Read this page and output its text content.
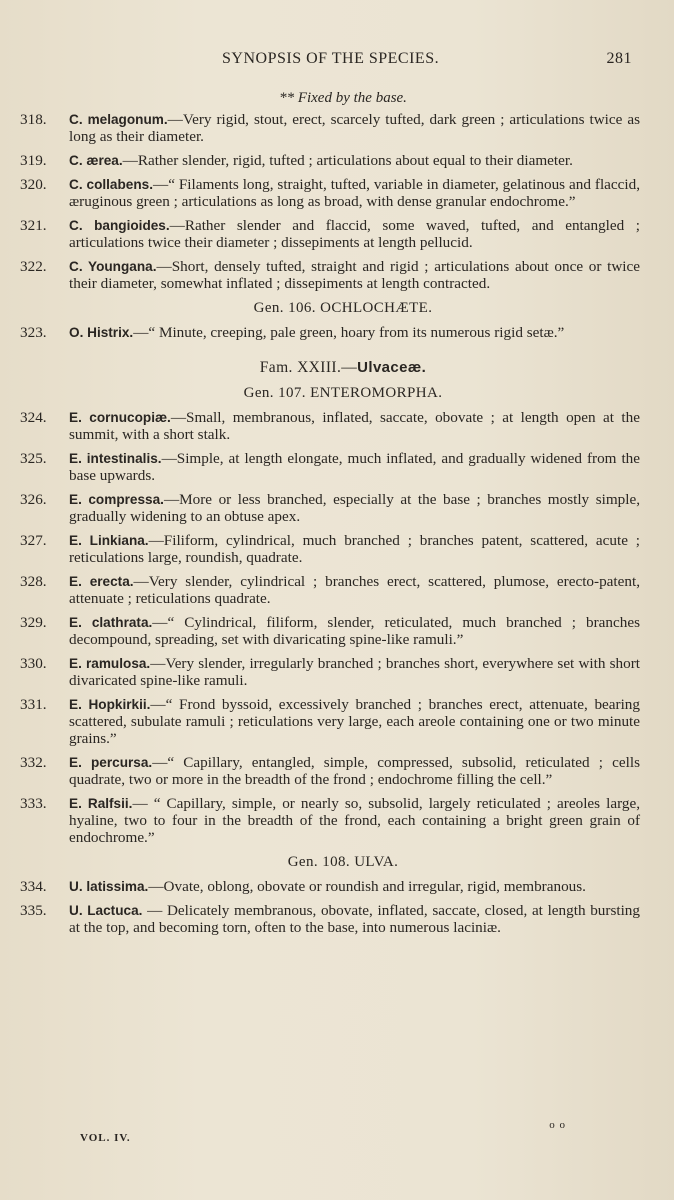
SYNOPSIS OF THE SPECIES.	281
** Fixed by the base.
318. C. melagonum.—Very rigid, stout, erect, scarcely tufted, dark green ; articulations twice as long as their diameter.
319. C. ærea.—Rather slender, rigid, tufted ; articulations about equal to their diameter.
320. C. collabens.—“ Filaments long, straight, tufted, variable in diameter, gelatinous and flaccid, æruginous green ; articulations as long as broad, with dense granular endochrome.”
321. C. bangioides.—Rather slender and flaccid, some waved, tufted, and entangled ; articulations twice their diameter ; dissepiments at length pellucid.
322. C. Youngana.—Short, densely tufted, straight and rigid ; articulations about once or twice their diameter, somewhat inflated ; dissepiments at length contracted.
Gen. 106. OCHLOCHÆTE.
323. O. Histrix.—“ Minute, creeping, pale green, hoary from its numerous rigid setæ.”
Fam. XXIII.—Ulvaceæ.
Gen. 107. ENTEROMORPHA.
324. E. cornucopiæ.—Small, membranous, inflated, saccate, obovate ; at length open at the summit, with a short stalk.
325. E. intestinalis.—Simple, at length elongate, much inflated, and gradually widened from the base upwards.
326. E. compressa.—More or less branched, especially at the base ; branches mostly simple, gradually widening to an obtuse apex.
327. E. Linkiana.—Filiform, cylindrical, much branched ; branches patent, scattered, acute ; reticulations large, roundish, quadrate.
328. E. erecta.—Very slender, cylindrical ; branches erect, scattered, plumose, erecto-patent, attenuate ; reticulations quadrate.
329. E. clathrata.—“ Cylindrical, filiform, slender, reticulated, much branched ; branches decompound, spreading, set with divaricating spine-like ramuli.”
330. E. ramulosa.—Very slender, irregularly branched ; branches short, everywhere set with short divaricated spine-like ramuli.
331. E. Hopkirkii.—“ Frond byssoid, excessively branched ; branches erect, attenuate, bearing scattered, subulate ramuli ; reticulations very large, each areole containing one or two minute grains.”
332. E. percursa.—“ Capillary, entangled, simple, compressed, subsolid, reticulated ; cells quadrate, two or more in the breadth of the frond ; endochrome filling the cell.”
333. E. Ralfsii.— “ Capillary, simple, or nearly so, subsolid, largely reticulated ; areoles large, hyaline, two to four in the breadth of the frond, each containing a bright green grain of endochrome.”
Gen. 108. ULVA.
334. U. latissima.—Ovate, oblong, obovate or roundish and irregular, rigid, membranous.
335. U. Lactuca. — Delicately membranous, obovate, inflated, saccate, closed, at length bursting at the top, and becoming torn, often to the base, into numerous laciniæ.
VOL. IV.
o o
